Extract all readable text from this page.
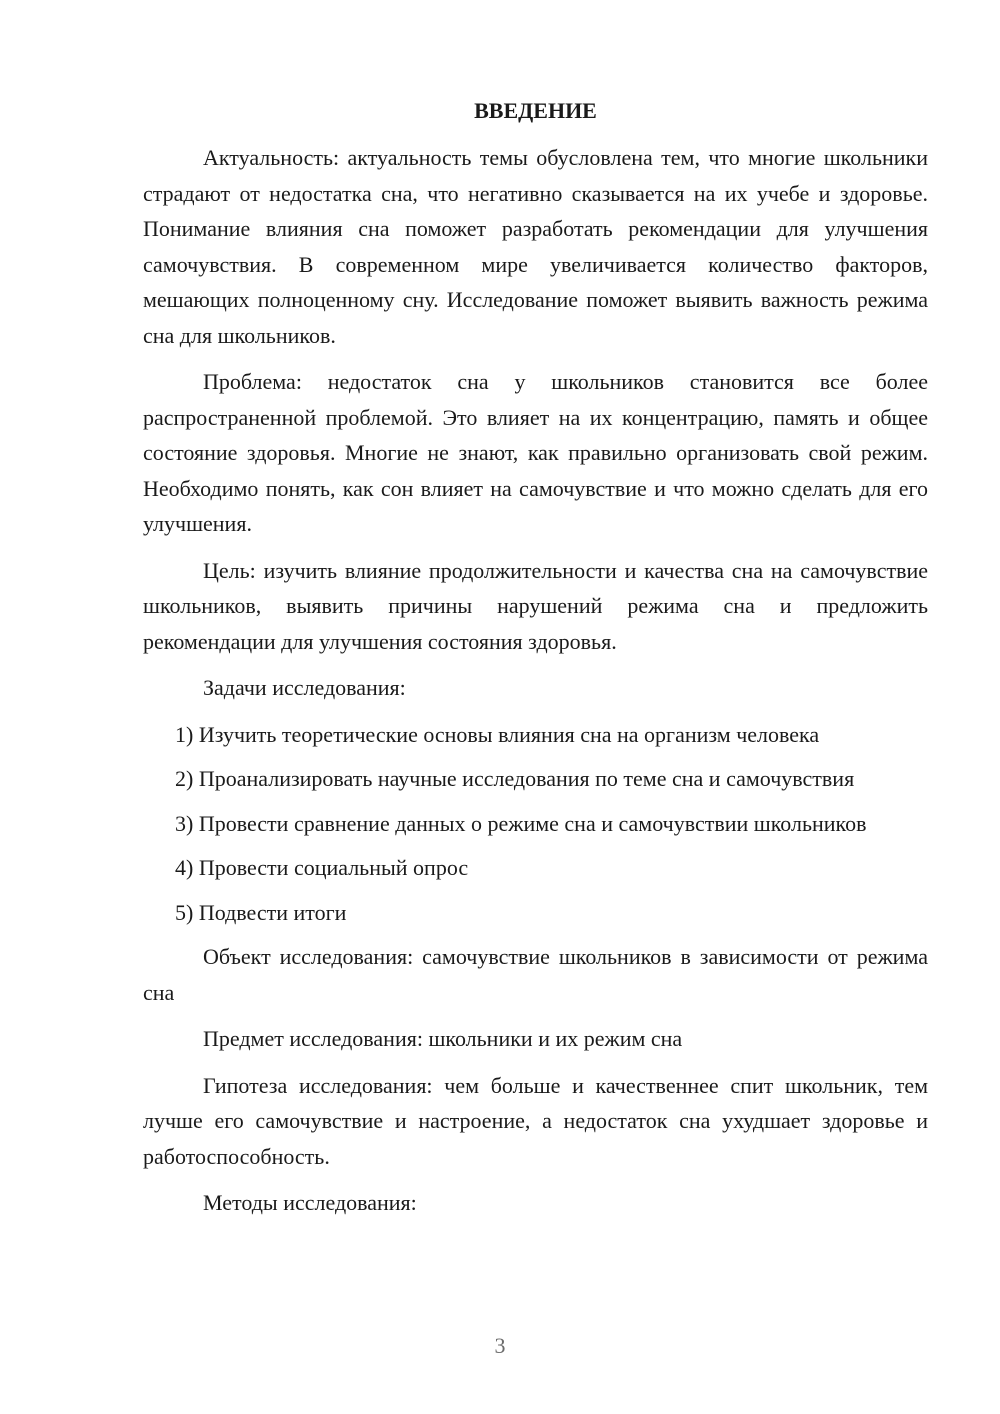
ВВЕДЕНИЕ

Актуальность: актуальность темы обусловлена тем, что многие школьники страдают от недостатка сна, что негативно сказывается на их учебе и здоровье. Понимание влияния сна поможет разработать рекомендации для улучшения самочувствия. В современном мире увеличивается количество факторов, мешающих полноценному сну. Исследование поможет выявить важность режима сна для школьников.

Проблема: недостаток сна у школьников становится все более распространенной проблемой. Это влияет на их концентрацию, память и общее состояние здоровья. Многие не знают, как правильно организовать свой режим. Необходимо понять, как сон влияет на самочувствие и что можно сделать для его улучшения.

Цель: изучить влияние продолжительности и качества сна на самочувствие школьников, выявить причины нарушений режима сна и предложить рекомендации для улучшения состояния здоровья.

Задачи исследования:

1) Изучить теоретические основы влияния сна на организм человека

2) Проанализировать научные исследования по теме сна и самочувствия

3) Провести сравнение данных о режиме сна и самочувствии школьников

4) Провести социальный опрос

5) Подвести итоги

Объект исследования: самочувствие школьников в зависимости от режима сна

Предмет исследования: школьники и их режим сна

Гипотеза исследования: чем больше и качественнее спит школьник, тем лучше его самочувствие и настроение, а недостаток сна ухудшает здоровье и работоспособность.

Методы исследования:

3
